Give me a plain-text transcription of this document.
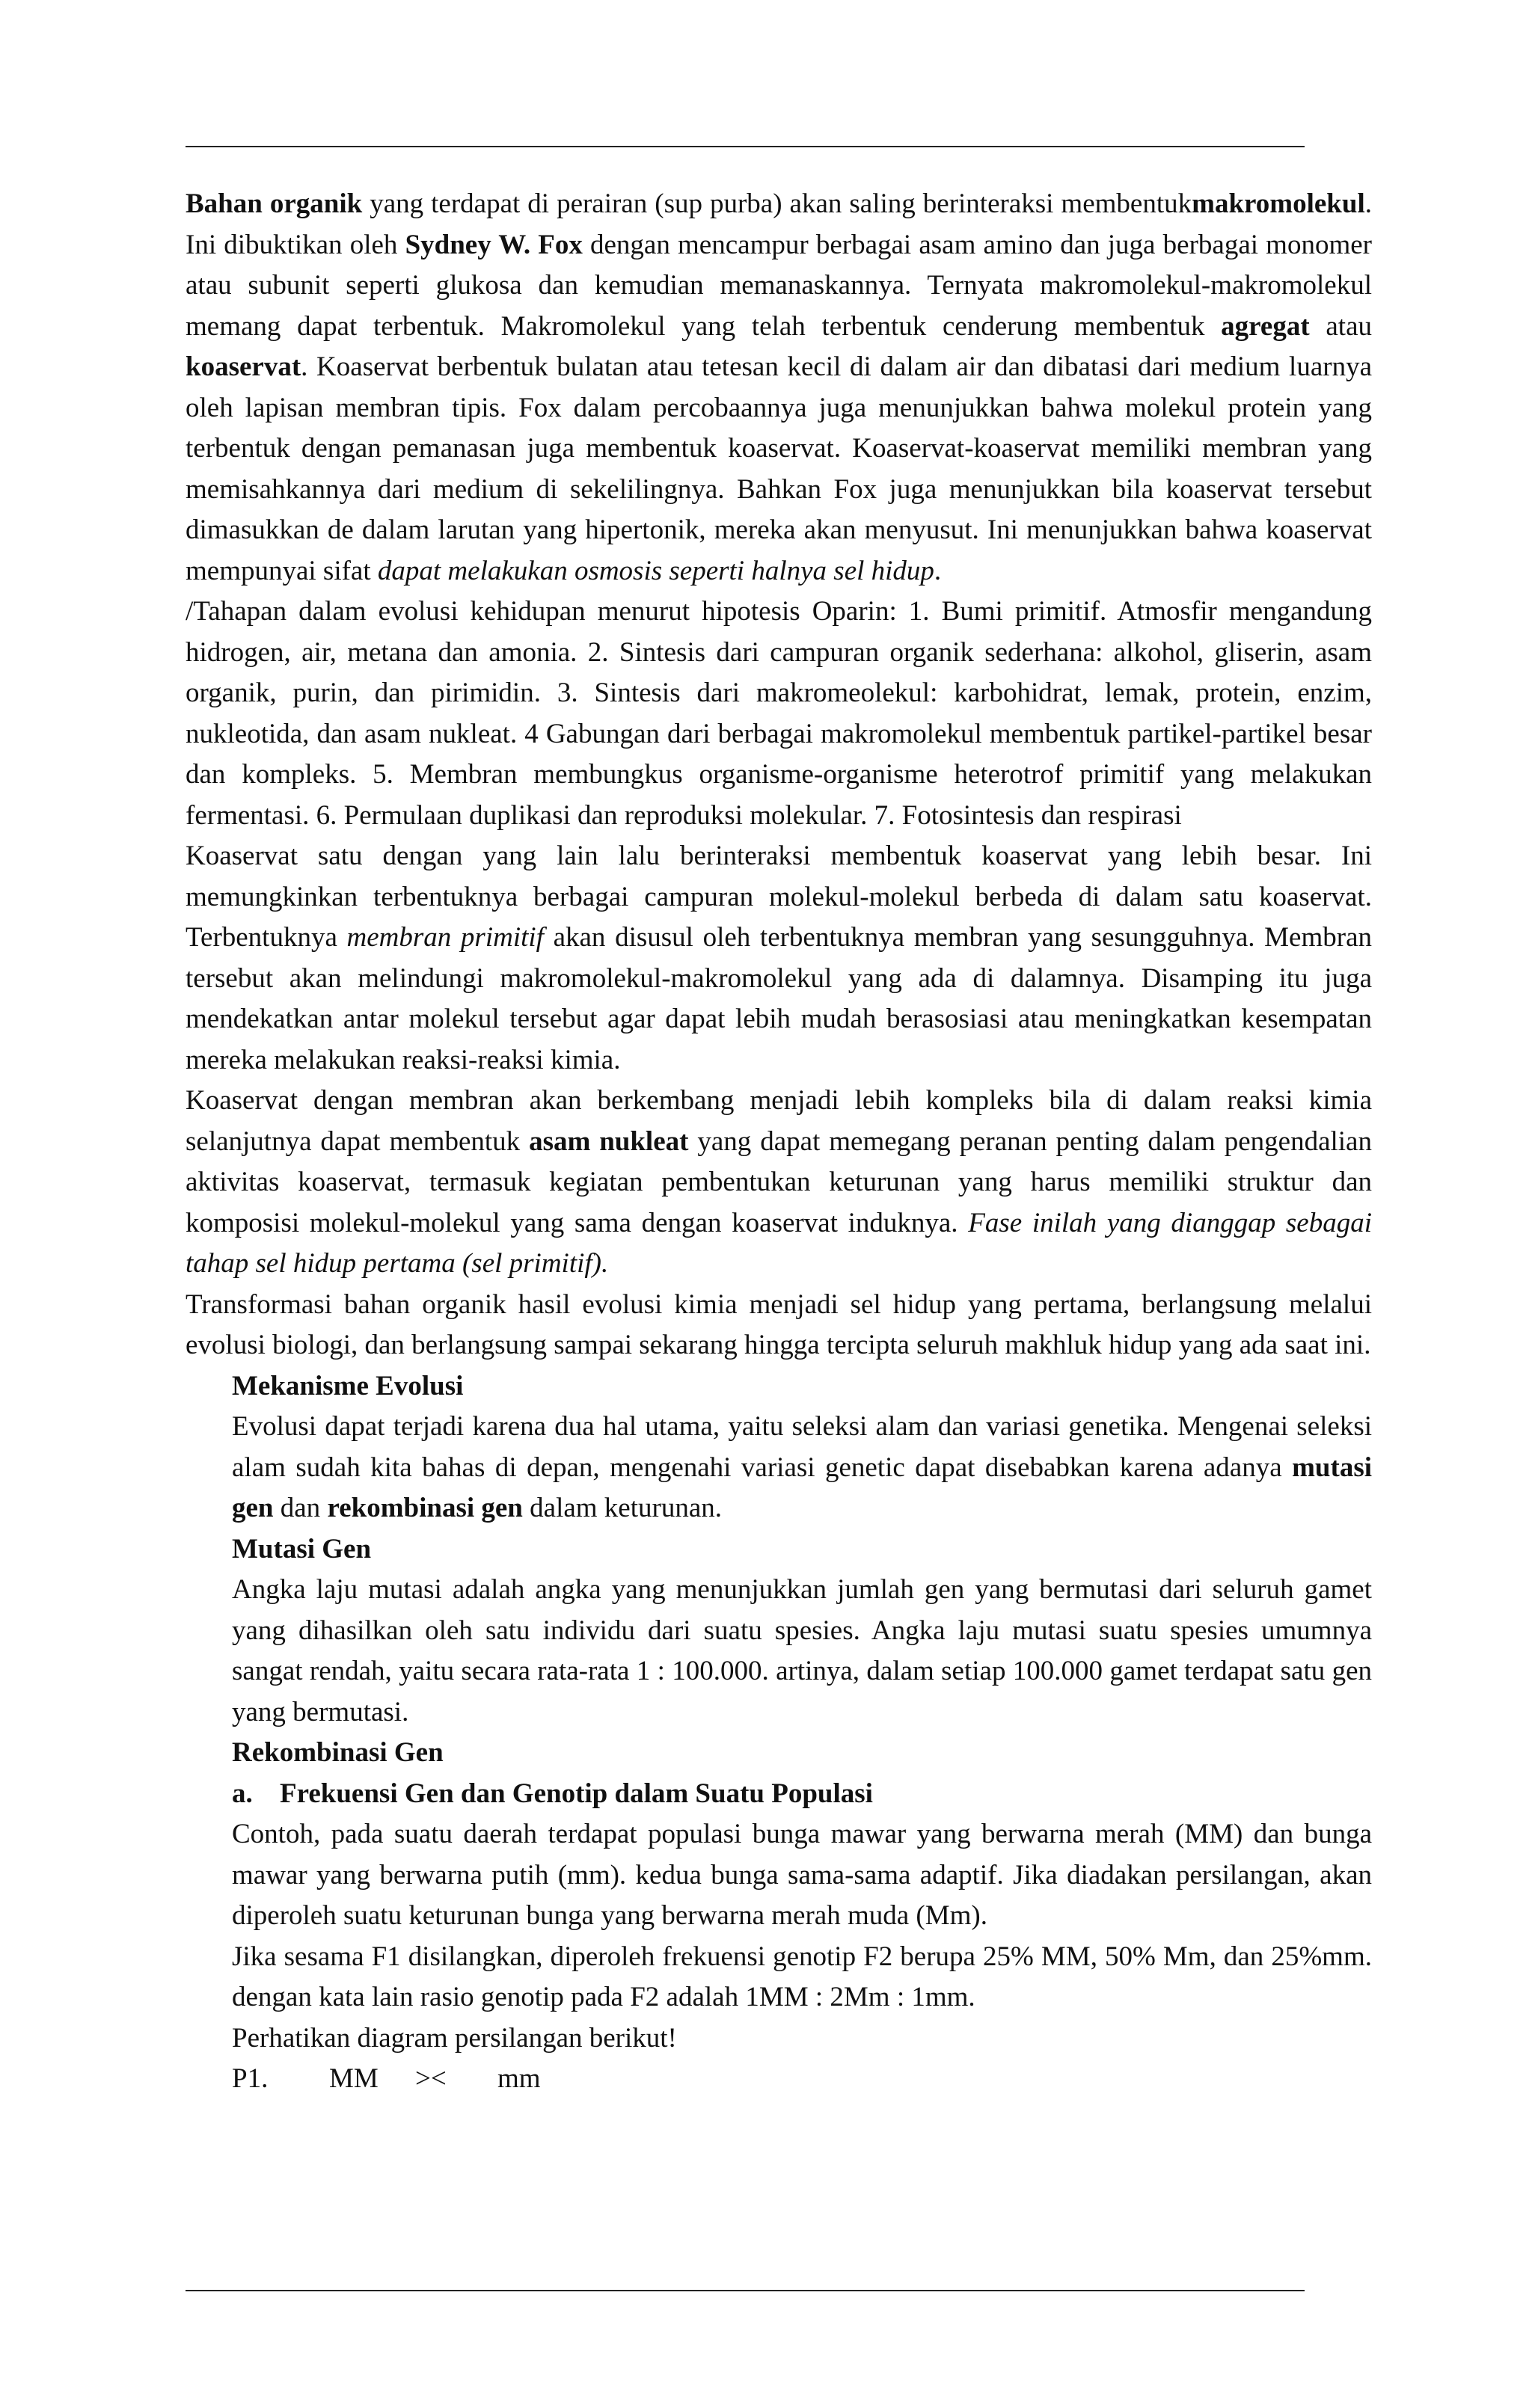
Bahan organik yang terdapat di perairan (sup purba) akan saling berinteraksi membentukmakromolekul. Ini dibuktikan oleh Sydney W. Fox dengan mencampur berbagai asam amino dan juga berbagai monomer atau subunit seperti glukosa dan kemudian memanaskannya. Ternyata makromolekul-makromolekul memang dapat terbentuk. Makromolekul yang telah terbentuk cenderung membentuk agregat atau koaservat. Koaservat berbentuk bulatan atau tetesan kecil di dalam air dan dibatasi dari medium luarnya oleh lapisan membran tipis. Fox dalam percobaannya juga menunjukkan bahwa molekul protein yang terbentuk dengan pemanasan juga membentuk koaservat. Koaservat-koaservat memiliki membran yang memisahkannya dari medium di sekelilingnya. Bahkan Fox juga menunjukkan bila koaservat tersebut dimasukkan de dalam larutan yang hipertonik, mereka akan menyusut. Ini menunjukkan bahwa koaservat mempunyai sifat dapat melakukan osmosis seperti halnya sel hidup.

/Tahapan dalam evolusi kehidupan menurut hipotesis Oparin: 1. Bumi primitif. Atmosfir mengandung hidrogen, air, metana dan amonia. 2. Sintesis dari campuran organik sederhana: alkohol, gliserin, asam organik, purin, dan pirimidin. 3. Sintesis dari makromeolekul: karbohidrat, lemak, protein, enzim, nukleotida, dan asam nukleat. 4 Gabungan dari berbagai makromolekul membentuk partikel-partikel besar dan kompleks. 5. Membran membungkus organisme-organisme heterotrof primitif yang melakukan fermentasi. 6. Permulaan duplikasi dan reproduksi molekular. 7. Fotosintesis dan respirasi

Koaservat satu dengan yang lain lalu berinteraksi membentuk koaservat yang lebih besar. Ini memungkinkan terbentuknya berbagai campuran molekul-molekul berbeda di dalam satu koaservat. Terbentuknya membran primitif akan disusul oleh terbentuknya membran yang sesungguhnya. Membran tersebut akan melindungi makromolekul-makromolekul yang ada di dalamnya. Disamping itu juga mendekatkan antar molekul tersebut agar dapat lebih mudah berasosiasi atau meningkatkan kesempatan mereka melakukan reaksi-reaksi kimia.

Koaservat dengan membran akan berkembang menjadi lebih kompleks bila di dalam reaksi kimia selanjutnya dapat membentuk asam nukleat yang dapat memegang peranan penting dalam pengendalian aktivitas koaservat, termasuk kegiatan pembentukan keturunan yang harus memiliki struktur dan komposisi molekul-molekul yang sama dengan koaservat induknya. Fase inilah yang dianggap sebagai tahap sel hidup pertama (sel primitif).

Transformasi bahan organik hasil evolusi kimia menjadi sel hidup yang pertama, berlangsung melalui evolusi biologi, dan berlangsung sampai sekarang hingga tercipta seluruh makhluk hidup yang ada saat ini.

Mekanisme Evolusi

Evolusi dapat terjadi karena dua hal utama, yaitu seleksi alam dan variasi genetika. Mengenai seleksi alam sudah kita bahas di depan, mengenahi variasi genetic dapat disebabkan karena adanya mutasi gen dan rekombinasi gen dalam keturunan.

Mutasi Gen

Angka laju mutasi adalah angka yang menunjukkan jumlah gen yang bermutasi dari seluruh gamet yang dihasilkan oleh satu individu dari suatu spesies. Angka laju mutasi suatu spesies umumnya sangat rendah, yaitu secara rata-rata 1 : 100.000. artinya, dalam setiap 100.000 gamet terdapat satu gen yang bermutasi.

Rekombinasi Gen

a. Frekuensi Gen dan Genotip dalam Suatu Populasi

Contoh, pada suatu daerah terdapat populasi bunga mawar yang berwarna merah (MM) dan bunga mawar yang berwarna putih (mm). kedua bunga sama-sama adaptif. Jika diadakan persilangan, akan diperoleh suatu keturunan bunga yang berwarna merah muda (Mm).

Jika sesama F1 disilangkan, diperoleh frekuensi genotip F2 berupa 25% MM, 50% Mm, dan 25%mm. dengan kata lain rasio genotip pada F2 adalah 1MM : 2Mm : 1mm.

Perhatikan diagram persilangan berikut!

P1. MM >< mm
